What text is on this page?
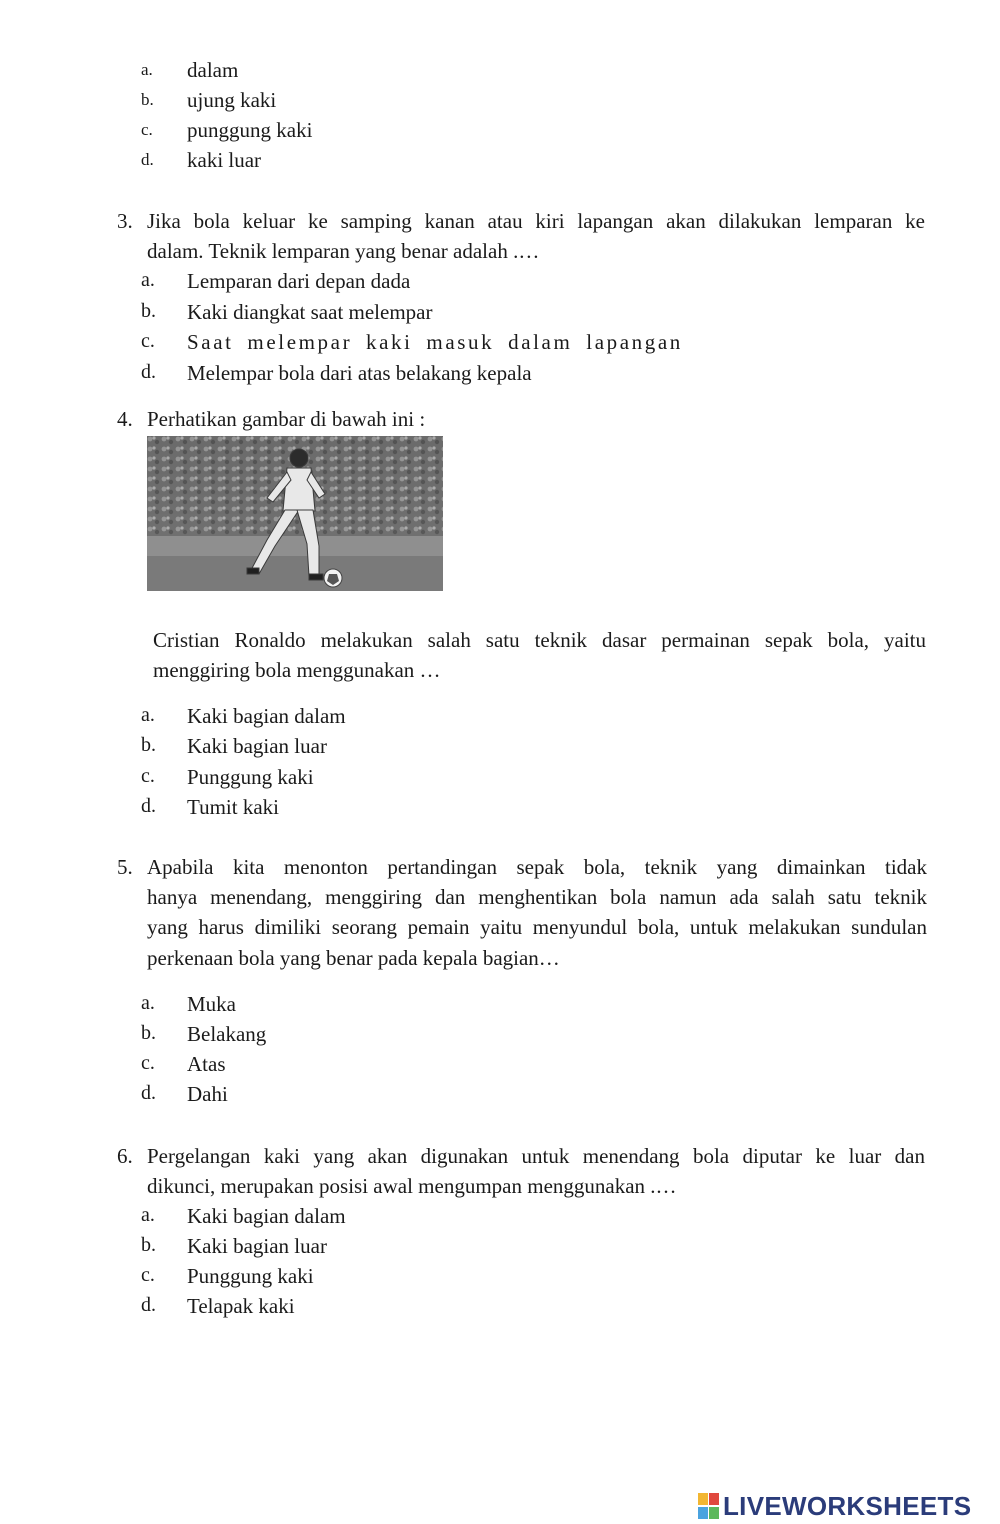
a. dalam
b. ujung kaki
c. punggung kaki
d. kaki luar
3. Jika bola keluar ke samping kanan atau kiri lapangan akan dilakukan lemparan ke
dalam. Teknik lemparan yang benar adalah .…
a. Lemparan dari depan dada
b. Kaki diangkat saat melempar
c. Saat melempar kaki masuk dalam lapangan
d. Melempar bola dari atas belakang kepala
4. Perhatikan gambar di bawah ini :
Cristian Ronaldo melakukan salah satu teknik dasar permainan sepak bola, yaitu
menggiring bola menggunakan …
a. Kaki bagian dalam
b. Kaki bagian luar
c. Punggung kaki
d. Tumit kaki
5. Apabila kita menonton pertandingan sepak bola, teknik yang dimainkan tidak
hanya menendang, menggiring dan menghentikan bola namun ada salah satu teknik
yang harus dimiliki seorang pemain yaitu menyundul bola, untuk melakukan sundulan
perkenaan bola yang benar pada kepala bagian…
a. Muka
b. Belakang
c. Atas
d. Dahi
6. Pergelangan kaki yang akan digunakan untuk menendang bola diputar ke luar dan
dikunci, merupakan posisi awal mengumpan menggunakan .…
a. Kaki bagian dalam
b. Kaki bagian luar
c. Punggung kaki
d. Telapak kaki
LIVEWORKSHEETS
